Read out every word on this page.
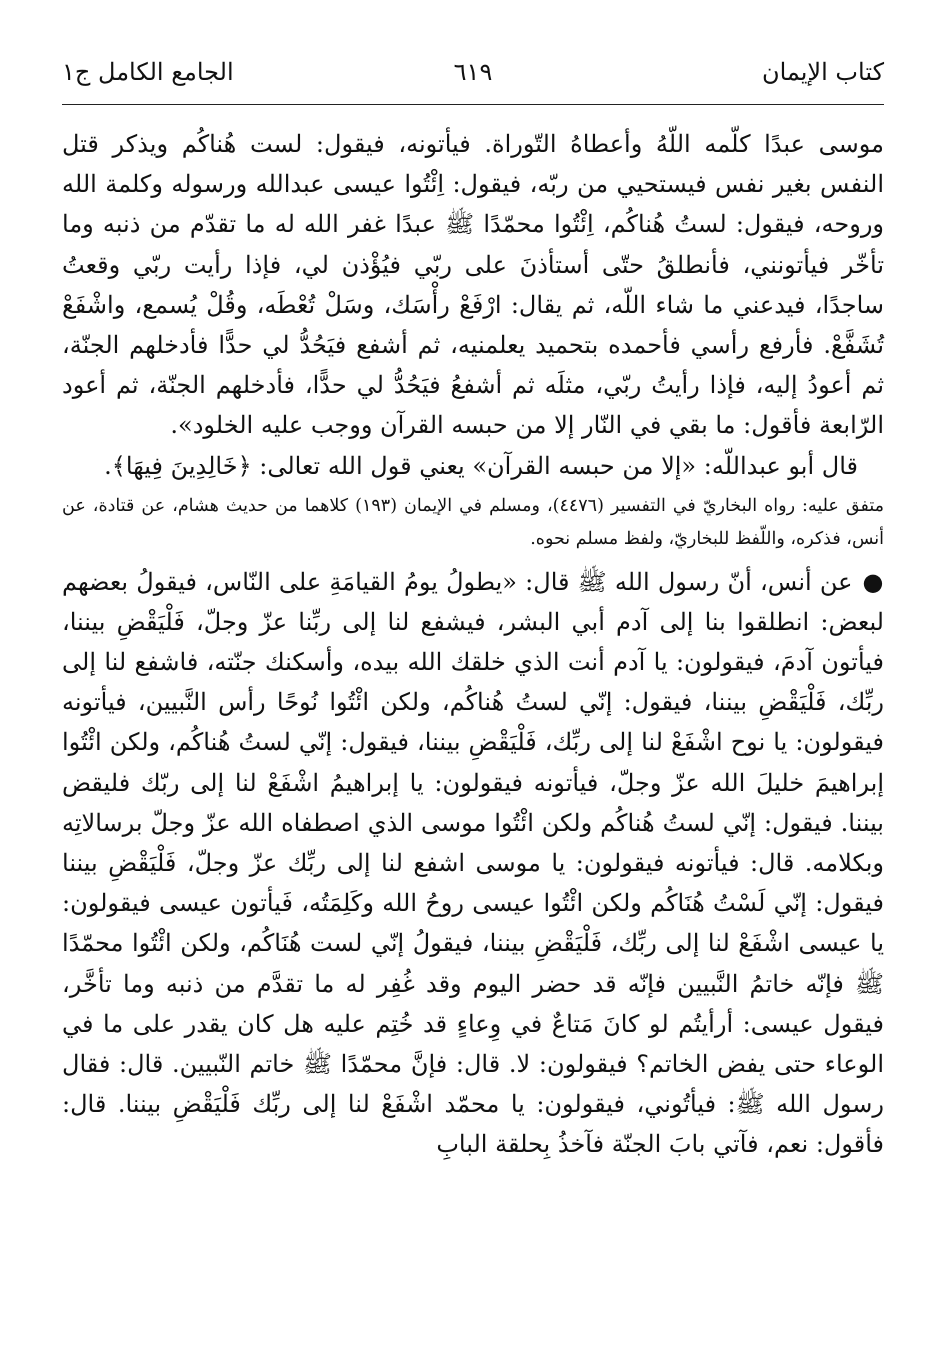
كتاب الإيمان
٦١٩
الجامع الكامل ج١

موسى عبدًا كلّمه اللّهُ وأعطاهُ التّوراة. فيأتونه، فيقول: لست هُناكُم ويذكر قتل النفس بغير نفس فيستحيي من ربّه، فيقول: اِئْتُوا عيسى عبدالله ورسوله وكلمة الله وروحه، فيقول: لستُ هُناكُم، اِئْتُوا محمّدًا ﷺ عبدًا غفر الله له ما تقدّم من ذنبه وما تأخّر فيأتونني، فأنطلقُ حتّى أستأذنَ على ربّي فيُؤْذن لي، فإذا رأيت ربّي وقعتُ ساجدًا، فيدعني ما شاء اللّه، ثم يقال: ارْفَعْ رأْسَك، وسَلْ تُعْطَه، وقُلْ يُسمع، واشْفَعْ تُشَفَّعْ. فأرفع رأسي فأحمده بتحميد يعلمنيه، ثم أشفع فيَحُدُّ لي حدًّا فأدخلهم الجنّة، ثم أعودُ إليه، فإذا رأيتُ ربّي، مثلَه ثم أشفعُ فيَحُدُّ لي حدًّا، فأدخلهم الجنّة، ثم أعود الرّابعة فأقول: ما بقي في النّار إلا من حبسه القرآن ووجب عليه الخلود».

قال أبو عبداللّه: «إلا من حبسه القرآن» يعني قول الله تعالى: ﴿خَالِدِينَ فِيهَا﴾.

متفق عليه: رواه البخاريّ في التفسير (٤٤٧٦)، ومسلم في الإيمان (١٩٣) كلاهما من حديث هشام، عن قتادة، عن أنس، فذكره، واللّفظ للبخاريّ، ولفظ مسلم نحوه.

●عن أنس، أنّ رسول الله ﷺ قال: «يطولُ يومُ القيامَةِ على النّاس، فيقولُ بعضهم لبعض: انطلقوا بنا إلى آدم أبي البشر، فيشفع لنا إلى ربِّنا عزّ وجلّ، فَلْيَقْضِ بيننا، فيأتون آدمَ، فيقولون: يا آدم أنت الذي خلقك الله بيده، وأسكنك جنّته، فاشفع لنا إلى ربِّك، فَلْيَقْضِ بيننا، فيقول: إنّي لستُ هُناكُم، ولكن ائْتُوا نُوحًا رأس النَّبيين، فيأتونه فيقولون: يا نوح اشْفَعْ لنا إلى ربِّك، فَلْيَقْضِ بيننا، فيقول: إنّي لستُ هُناكُم، ولكن ائْتُوا إبراهيمَ خليلَ الله عزّ وجلّ، فيأتونه فيقولون: يا إبراهيمُ اشْفَعْ لنا إلى ربّك فليقض بيننا. فيقول: إنّي لستُ هُناكُم ولكن ائْتُوا موسى الذي اصطفاه الله عزّ وجلّ برسالاتِه وبكلامه. قال: فيأتونه فيقولون: يا موسى اشفع لنا إلى ربِّك عزّ وجلّ، فَلْيَقْضِ بيننا فيقول: إنّي لَسْتُ هُنَاكُم ولكن ائْتُوا عيسى روحُ الله وكَلِمَتُه، فَيأتون عيسى فيقولون: يا عيسى اشْفَعْ لنا إلى ربِّك، فَلْيَقْضِ بيننا، فيقولُ إنّي لست هُنَاكُم، ولكن ائْتُوا محمّدًا ﷺ فإنّه خاتمُ النَّبيين فإنّه قد حضر اليوم وقد غُفِر له ما تقدَّم من ذنبه وما تأخَّر، فيقول عيسى: أرأيتُم لو كانَ مَتاعٌ في وِعاءٍ قد خُتِم عليه هل كان يقدر على ما في الوعاء حتى يفض الخاتم؟ فيقولون: لا. قال: فإنَّ محمّدًا ﷺ خاتم النّبيين. قال: فقال رسول الله ﷺ: فيأتُوني، فيقولون: يا محمّد اشْفَعْ لنا إلى ربِّك فَلْيَقْضِ بيننا. قال: فأقول: نعم، فآتي بابَ الجنّة فآخذُ بِحلقة البابِ
